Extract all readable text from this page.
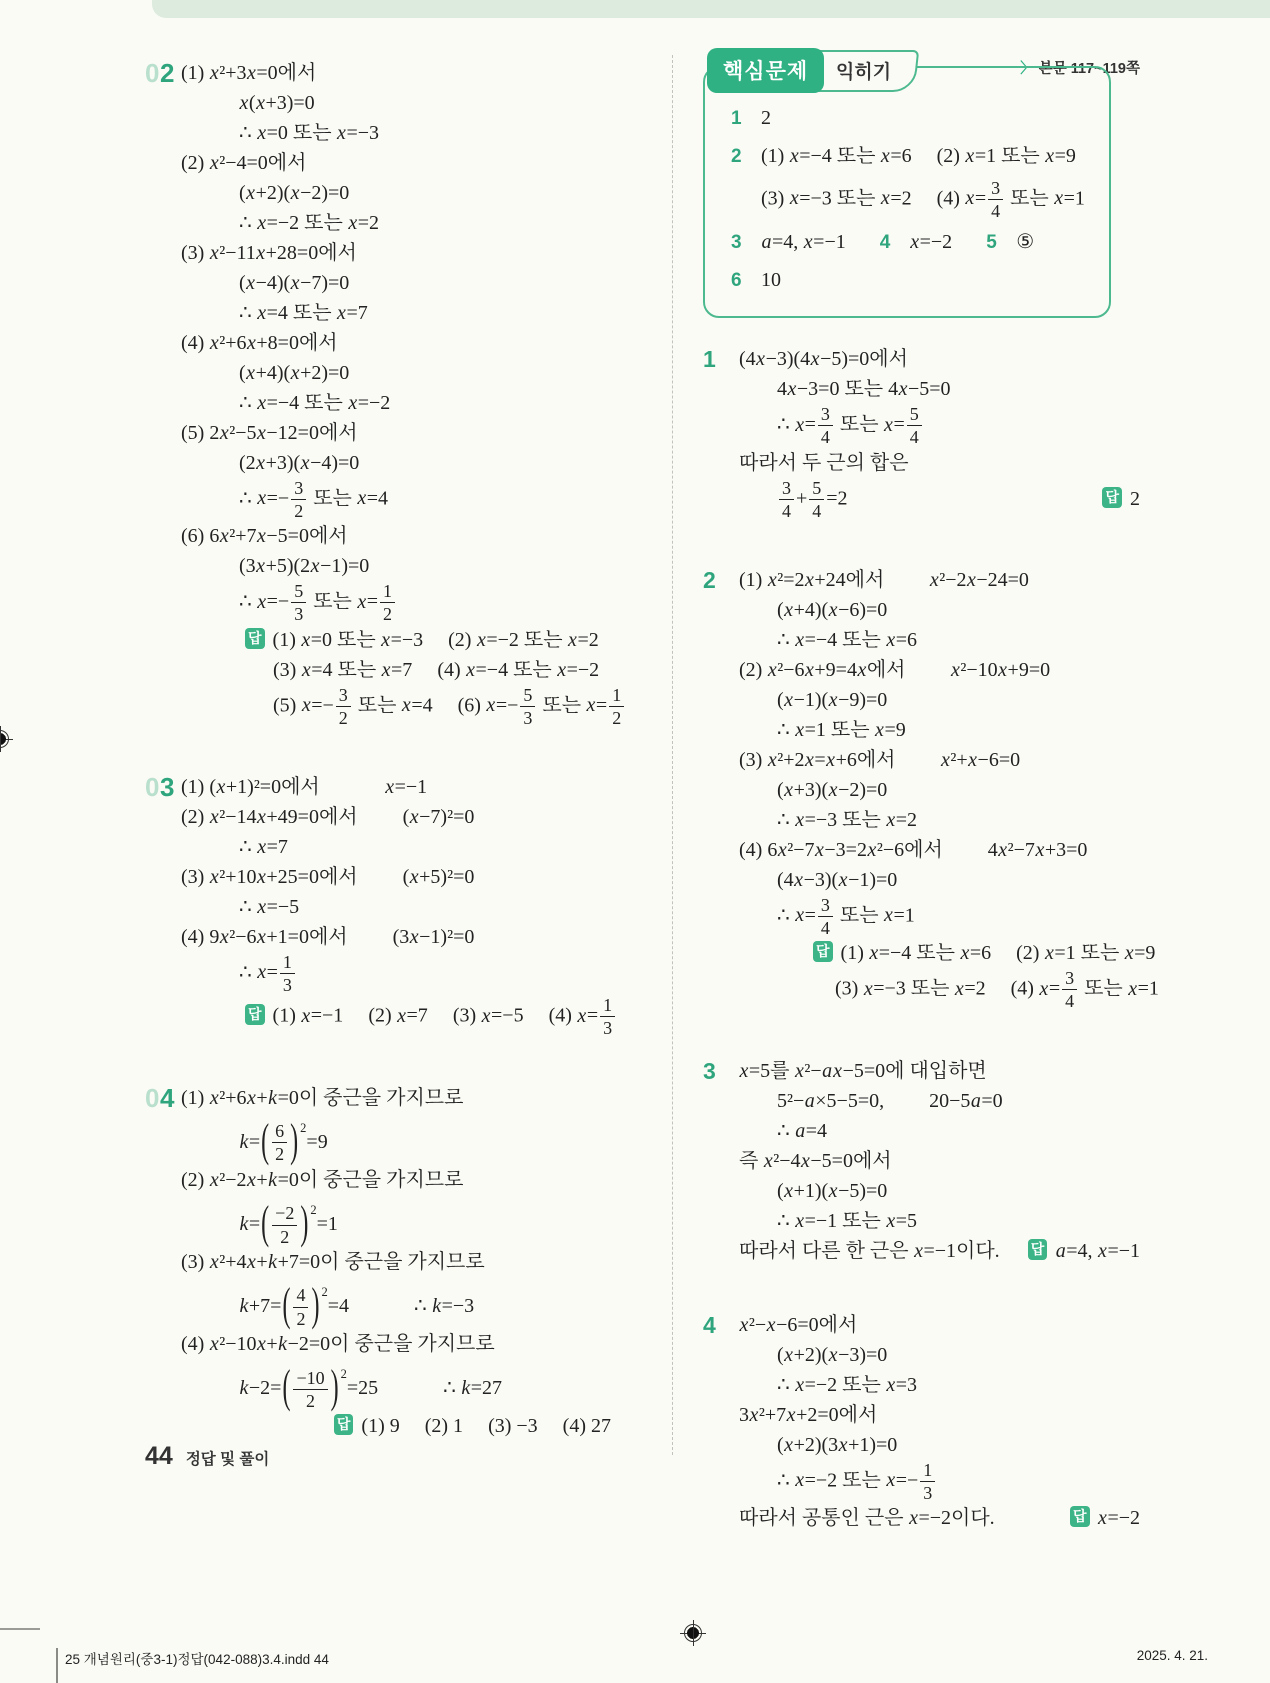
〉 본문 117~119쪽
02 (1) x²+3x=0에서
x(x+3)=0
∴ x=0 또는 x=−3
(2) x²−4=0에서
(x+2)(x−2)=0
∴ x=−2 또는 x=2
(3) x²−11x+28=0에서
(x−4)(x−7)=0
∴ x=4 또는 x=7
(4) x²+6x+8=0에서
(x+4)(x+2)=0
∴ x=−4 또는 x=−2
(5) 2x²−5x−12=0에서
(2x+3)(x−4)=0
∴ $x=- \frac{3}{2}$ 또는 x=4
(6) 6x²+7x−5=0에서
(3x+5)(2x−1)=0
∴ $x=- \frac{5}{3}$ 또는 $x= \frac{1}{2}$
답 (1) x=0 또는 x=−3 (2) x=−2 또는 x=2
(3) x=4 또는 x=7 (4) x=−4 또는 x=−2
(5) $x=- \frac{3}{2}$ 또는 x=4 (6) $x=- \frac{5}{3}$ 또는 $x= \frac{1}{2}$
03 (1) (x+1)²=0에서	x=−1
(2) x²−14x+49=0에서 (x−7)²=0
∴ x=7
(3) x²+10x+25=0에서 (x+5)²=0
∴ x=−5
(4) 9x²−6x+1=0에서 (3x−1)²=0
∴ $x= \frac{1}{3}$
답 (1) x=−1 (2) x=7 (3) x=−5 (4) $x= \frac{1}{3}$
04 (1) x²+6x+k=0이 중근을 가지므로
$k=( \frac{6}{2}$ ) $^2$=9
(2) x²−2x+k=0이 중근을 가지므로
$k=( \frac{-2}{2}$ ) $^2$=1
(3) x²+4x+k+7=0이 중근을 가지므로
$k+7=( \frac{4}{2}$ ) $^2$=4	∴ k=−3
(4) x²−10x+k−2=0이 중근을 가지므로
$k-2=( \frac{-10}{2}$ ) $^2$=25	∴ k=27
답 (1) 9 (2) 1 (3) −3 (4) 27
핵심문제	익히기
1 2
2 (1) x=−4 또는 x=6 (2) x=1 또는 x=9
(3) x=−3 또는 x=2 (4) $x= \frac{3}{4}$ 또는 x=1
3 a=4, x=−1 4 x=−2 5 ⑤
6 10
1	(4x−3)(4x−5)=0에서
4x−3=0 또는 4x−5=0
∴ $x= \frac{3}{4}$ 또는 $x= \frac{5}{4}$
따라서 두 근의 합은
$\frac{3}{4} + \frac{5}{4} =2$	답 2
2	(1) x²=2x+24에서 x²−2x−24=0
(x+4)(x−6)=0
∴ x=−4 또는 x=6
(2) x²−6x+9=4x에서 x²−10x+9=0
(x−1)(x−9)=0
∴ x=1 또는 x=9
(3) x²+2x=x+6에서 x²+x−6=0
(x+3)(x−2)=0
∴ x=−3 또는 x=2
(4) 6x²−7x−3=2x²−6에서 4x²−7x+3=0
(4x−3)(x−1)=0
∴ $x= \frac{3}{4}$ 또는 x=1
답 (1) x=−4 또는 x=6 (2) x=1 또는 x=9
(3) x=−3 또는 x=2 (4) $x= \frac{3}{4}$ 또는 x=1
3	x=5를 x²−ax−5=0에 대입하면
5²−a×5−5=0, 20−5a=0
∴ a=4
즉 x²−4x−5=0에서
(x+1)(x−5)=0
∴ x=−1 또는 x=5
따라서 다른 한 근은 x=−1이다. 답 a=4, x=−1
4	x²−x−6=0에서
(x+2)(x−3)=0
∴ x=−2 또는 x=3
3x²+7x+2=0에서
(x+2)(3x+1)=0
∴ x=−2 또는 $x=- \frac{1}{3}$
따라서 공통인 근은 x=−2이다.	답 x=−2
44 정답 및 풀이
25 개념원리(중3-1)정답(042-088)3.4.indd 44	2025. 4. 21.
